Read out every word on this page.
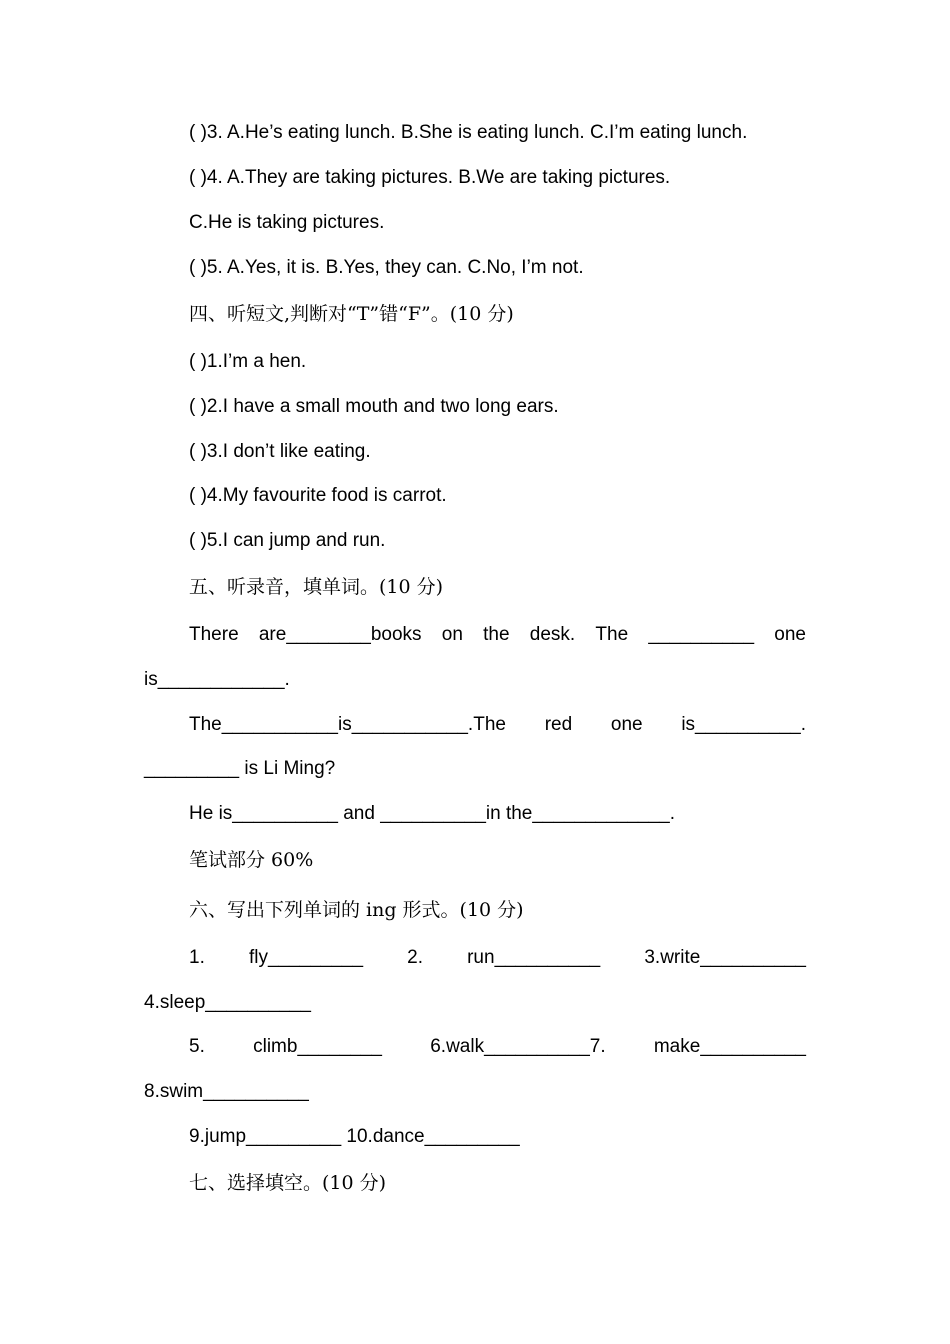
( )3. A.He’s eating lunch. B.She is eating lunch. C.I’m eating lunch.
( )4. A.They are taking pictures. B.We are taking pictures.
C.He is taking pictures.
( )5. A.Yes, it is. B.Yes, they can. C.No, I’m not.
四、听短文,判断对“T”错“F”。(10 分)
( )1.I’m a hen.
( )2.I have a small mouth and two long ears.
( )3.I don’t like eating.
( )4.My favourite food is carrot.
( )5.I can jump and run.
五、听录音，填单词。(10 分)
There are________books on the desk. The __________ one
is____________.
The___________is___________.The red one is__________.
_________ is Li Ming?
He is__________ and __________in the_____________.
笔试部分 60%
六、写出下列单词的 ing 形式。(10 分)
1. fly_________ 2. run__________ 3.write__________
4.sleep__________
5.	climb________	6.walk__________7.	make__________
8.swim__________
9.jump_________ 10.dance_________
七、选择填空。(10 分)
